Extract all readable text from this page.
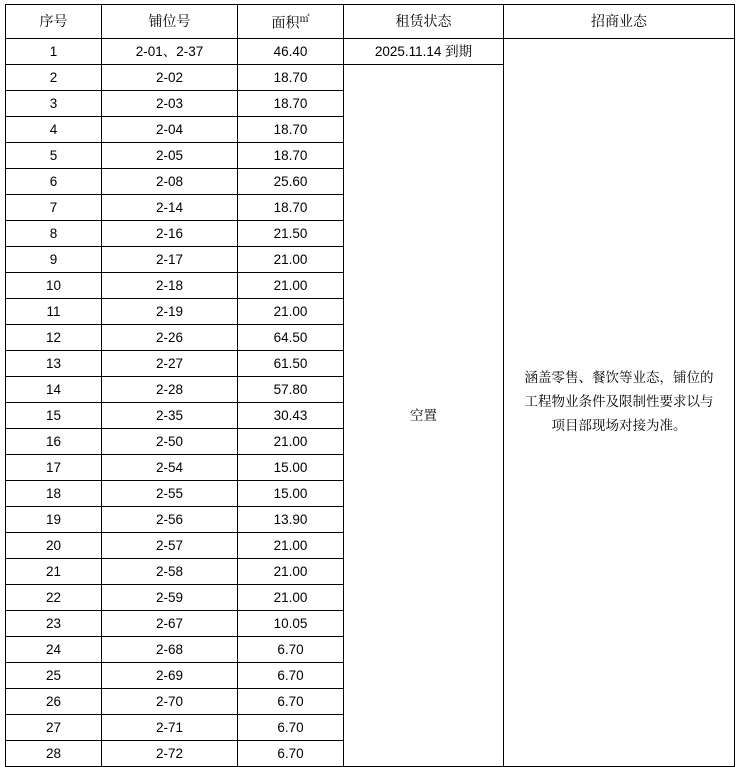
序号	铺位号	面积㎡	租赁状态	招商业态
1	2-01、2-37	46.40	2025.11.14 到期	涵盖零售、餐饮等业态，铺位的工程物业条件及限制性要求以与项目部现场对接为准。

2	2-02	18.70	空置	
3	2-03	18.70		
4	2-04	18.70		
5	2-05	18.70		
6	2-08	25.60		
7	2-14	18.70		
8	2-16	21.50		
9	2-17	21.00		
10	2-18	21.00		
11	2-19	21.00		
12	2-26	64.50		
13	2-27	61.50		
14	2-28	57.80		
15	2-35	30.43		
16	2-50	21.00		
17	2-54	15.00		
18	2-55	15.00		
19	2-56	13.90		
20	2-57	21.00		
21	2-58	21.00		
22	2-59	21.00		
23	2-67	10.05		
24	2-68	6.70		
25	2-69	6.70		
26	2-70	6.70		
27	2-71	6.70		
28	2-72	6.70		
